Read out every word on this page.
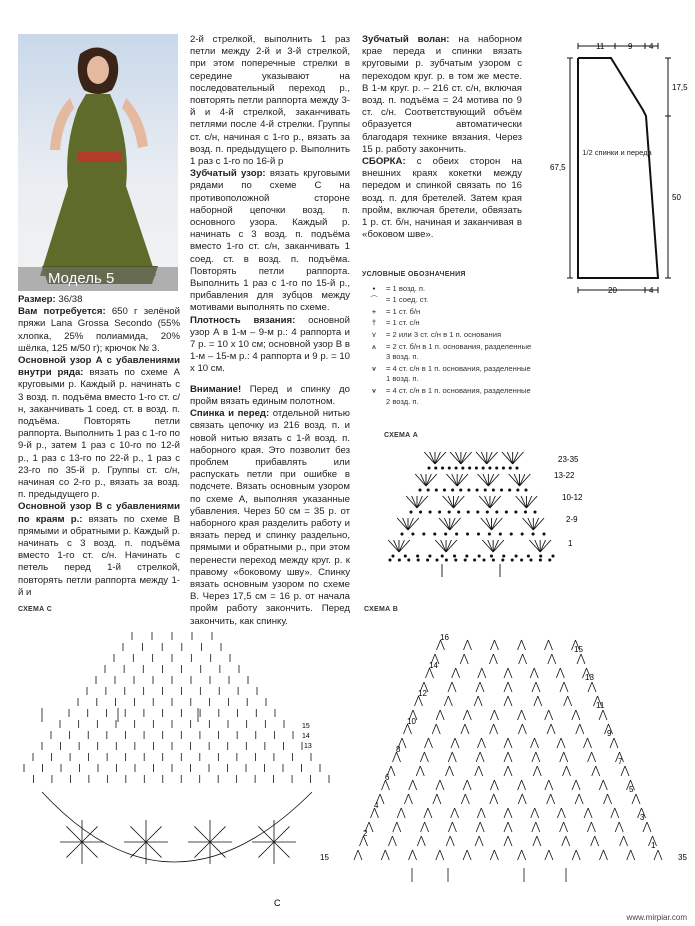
Модель 5

Размер: 36/38

Вам потребуется: 650 г зелёной пряжи Lana Grossa Secondo (55% хлопка, 25% полиамида, 20% шёлка, 125 м/50 г); крючок № 3.

Основной узор А с убавлениями внутри ряда: вязать по схеме А круговыми р. Каждый р. начинать с 3 возд. п. подъёма вместо 1-го ст. с/н, заканчивать 1 соед. ст. в возд. п. подъёма. Повторять петли раппорта. Выполнить 1 раз с 1-го по 9-й р., затем 1 раз с 10-го по 12-й р., 1 раз с 13-го по 22-й р., 1 раз с 23-го по 35-й р. Группы ст. с/н, начиная со 2-го р., вязать за возд. п. предыдущего р.

Основной узор B с убавлениями по краям р.: вязать по схеме B прямыми и обратными р. Каждый р. начинать с 3 возд. п. подъёма вместо 1-го ст. с/н. Начинать с петель перед 1-й стрелкой, повторять петли раппорта между 1-й и

2-й стрелкой, выполнить 1 раз петли между 2-й и 3-й стрелкой, при этом поперечные стрелки в середине указывают на последовательный переход р., повторять петли раппорта между 3-й и 4-й стрелкой, заканчивать петлями после 4-й стрелки. Группы ст. с/н, начиная с 1-го р., вязать за возд. п. предыдущего р. Выполнить 1 раз с 1-го по 16-й р

Зубчатый узор: вязать круговыми рядами по схеме С на противоположной стороне наборной цепочки возд. п. основного узора. Каждый р. начинать с 3 возд. п. подъёма вместо 1-го ст. с/н, заканчивать 1 соед. ст. в возд. п. подъёма. Повторять петли раппорта. Выполнить 1 раз с 1-го по 15-й р., прибавления для зубцов между мотивами выполнять по схеме.

Плотность вязания: основной узор А в 1-м – 9-м р.: 4 раппорта и 7 р. = 10 х 10 см; основной узор В в 1-м – 15-м р.: 4 раппорта и 9 р. = 10 х 10 см.

Внимание! Перед и спинку до пройм вязать единым полотном.

Спинка и перед: отдельной нитью связать цепочку из 216 возд. п. и новой нитью вязать с 1-й возд. п. наборного края. Это позволит без проблем прибавлять или распускать петли при ошибке в подсчете. Вязать основным узором по схеме А, выполняя указанные убавления. Через 50 см = 35 р. от наборного края разделить работу и вязать перед и спинку раздельно, прямыми и обратными р., при этом перенести переход между круг. р. к правому «боковому шву». Спинку вязать основным узором по схеме В. Через 17,5 см = 16 р. от начала пройм работу закончить. Перед закончить, как спинку.

Зубчатый волан: на наборном крае переда и спинки вязать круговыми р. зубчатым узором с переходом круг. р. в том же месте. В 1-м круг. р. – 216 ст. с/н, включая возд. п. подъёма = 24 мотива по 9 ст. с/н. Соответствующий объём образуется автоматически благодаря технике вязания. Через 15 р. работу закончить.

СБОРКА: с обеих сторон на внешних краях кокетки между передом и спинкой связать по 16 возд. п. для бретелей. Затем края пройм, включая бретели, обвязать 1 р. ст. б/н, начиная и заканчивая в «боковом шве».

11	9 4
17,5
50
67,5
20	4
1/2 спинки и переда
УСЛОВНЫЕ ОБОЗНАЧЕНИЯ
•	= 1 возд. п.
⌒	= 1 соед. ст.
+	= 1 ст. б/н
†	= 1 ст. с/н
⋎	= 2 или 3 ст. с/н в 1 п. основания
⩚	= 2 ст. б/н в 1 п. основания, разделенные 3 возд. п.
⩛	= 4 ст. с/н в 1 п. основания, разделенные 1 возд. п.
⩛	= 4 ст. с/н в 1 п. основания, разделенные 2 возд. п.
СХЕМА А
23-35
13-22
10-12
2-9
1
СХЕМА С
15
C
15
14
13
СХЕМА В
16
14
12
10
8
6
4
2
15
13
11
9
7
5
3
1
35
www.mirpiar.com
